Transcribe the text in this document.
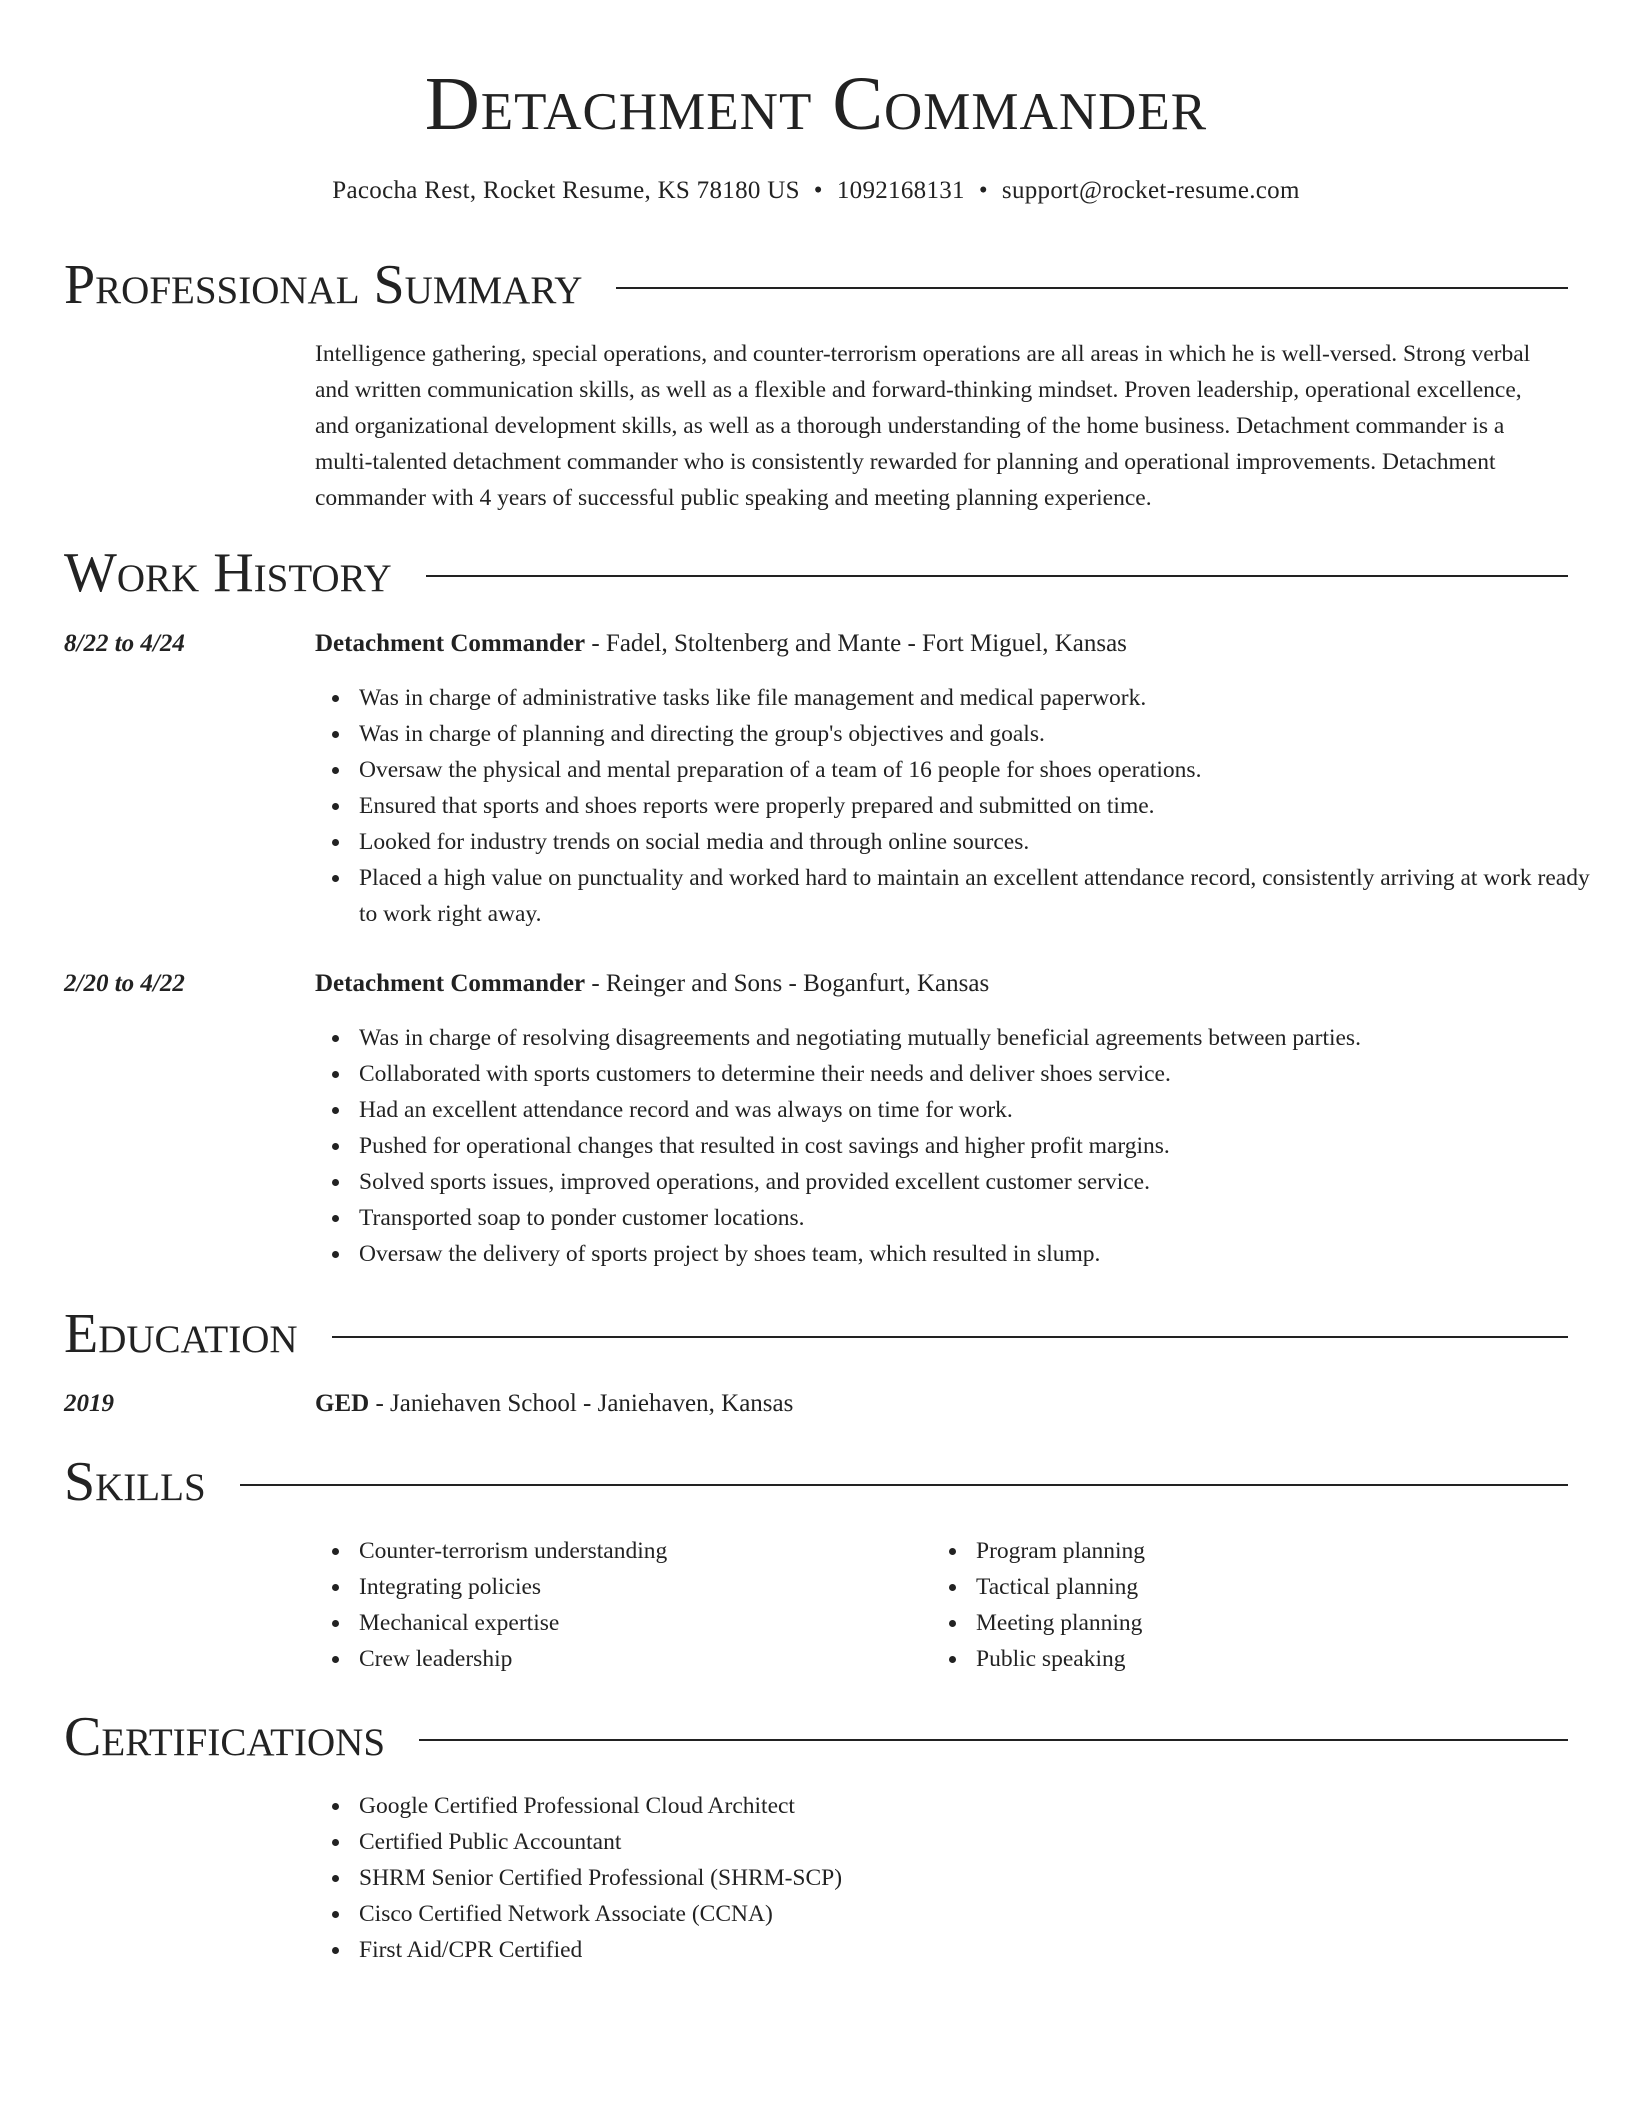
Detachment Commander
Pacocha Rest, Rocket Resume, KS 78180 US • 1092168131 • support@rocket-resume.com
Professional Summary

Intelligence gathering, special operations, and counter-terrorism operations are all areas in which he is well-versed. Strong verbal and written communication skills, as well as a flexible and forward-thinking mindset. Proven leadership, operational excellence, and organizational development skills, as well as a thorough understanding of the home business. Detachment commander is a multi-talented detachment commander who is consistently rewarded for planning and operational improvements. Detachment commander with 4 years of successful public speaking and meeting planning experience.

Work History
8/22 to 4/24	Detachment Commander - Fadel, Stoltenberg and Mante - Fort Miguel, Kansas
Was in charge of administrative tasks like file management and medical paperwork.
Was in charge of planning and directing the group's objectives and goals.
Oversaw the physical and mental preparation of a team of 16 people for shoes operations.
Ensured that sports and shoes reports were properly prepared and submitted on time.
Looked for industry trends on social media and through online sources.
Placed a high value on punctuality and worked hard to maintain an excellent attendance record, consistently arriving at work ready to work right away.
2/20 to 4/22	Detachment Commander - Reinger and Sons - Boganfurt, Kansas
Was in charge of resolving disagreements and negotiating mutually beneficial agreements between parties.
Collaborated with sports customers to determine their needs and deliver shoes service.
Had an excellent attendance record and was always on time for work.
Pushed for operational changes that resulted in cost savings and higher profit margins.
Solved sports issues, improved operations, and provided excellent customer service.
Transported soap to ponder customer locations.
Oversaw the delivery of sports project by shoes team, which resulted in slump.
Education
2019	GED - Janiehaven School - Janiehaven, Kansas
Skills
Counter-terrorism understanding
Integrating policies
Mechanical expertise
Crew leadership
Program planning
Tactical planning
Meeting planning
Public speaking
Certifications
Google Certified Professional Cloud Architect
Certified Public Accountant
SHRM Senior Certified Professional (SHRM-SCP)
Cisco Certified Network Associate (CCNA)
First Aid/CPR Certified
